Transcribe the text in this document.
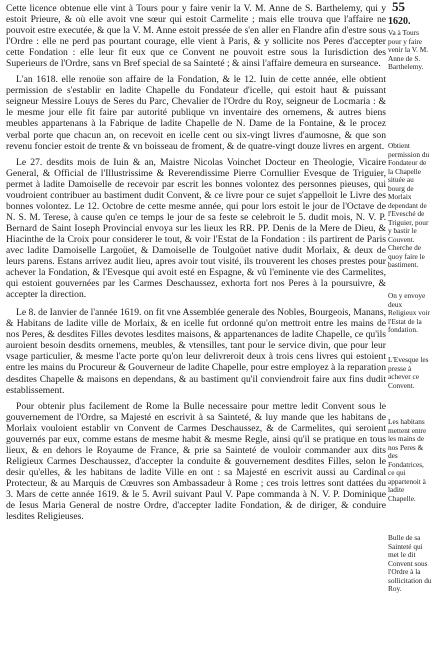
55

Cette licence obtenue elle vint à Tours pour y faire venir la V. M. Anne de S. Barthelemy, qui y estoit Prieure, & où elle avoit vne sœur qui estoit Carmelite ; mais elle trouva que l'affaire ne pouvoit estre executée, & que la V. M. Anne estoit pressée de s'en aller en Flandre afin d'estre sous l'Ordre : elle ne perd pas pourtant courage, elle vient à Paris, & y sollicite nos Peres d'accepter cette Fondation : elle leur fit eux que ce Convent ne pouvoit estre sous la Iurisdiction des Superieurs de l'Ordre, sans vn Bref special de sa Sainteté ; & ainsi l'affaire demeura en surseance.

L'an 1618. elle renoüe son affaire de la Fondation, & le 12. Iuin de cette année, elle obtient permission de s'establir en ladite Chapelle du Fondateur d'icelle, qui estoit haut & puissant seigneur Messire Louys de Seres du Parc, Chevalier de l'Ordre du Roy, seigneur de Locmaria : & le mesme jour elle fit faire par autorité publique vn inventaire des ornemens, & autres biens meubles appartenans à la Fabrique de ladite Chapelle de N. Dame de la Fontaine, & le procez verbal porte que chacun an, on recevoit en icelle cent ou six-vingt livres d'aumosne, & que son revenu foncier estoit de trente & vn boisseau de froment, & de quatre-vingt douze livres en argent.

Le 27. desdits mois de Iuin & an, Maistre Nicolas Voinchet Docteur en Theologie, Vicaire General, & Official de l'Illustrissime & Reverendissime Pierre Cornullier Evesque de Triguier, permet à ladite Damoiselle de recevoir par escrit les bonnes volontez des personnes pieuses, qui voudroient contribuer au bastiment dudit Convent, & ce livre pour ce sujet s'appelloit le Livre des bonnes volontez. Le 12. Octobre de cette mesme année, qui pour lors estoit le jour de l'Octave de N. S. M. Terese, à cause qu'en ce temps le jour de sa feste se celebroit le 5. dudit mois, N. V. P. Bernard de Saint Ioseph Provincial envoya sur les lieux les RR. PP. Denis de la Mere de Dieu, & Hiacinthe de la Croix pour considerer le tout, & voir l'Estat de la Fondation : ils partirent de Paris avec ladite Damoiselle Largoüet, & Damoiselle de Toulgoüet native dudit Morlaix, & deux de leurs parens. Estans arrivez audit lieu, apres avoir tout visité, ils trouverent les choses prestes pour achever la Fondation, & l'Evesque qui avoit esté en Espagne, & vû l'eminente vie des Carmelites, qui estoient gouvernées par les Carmes Deschaussez, exhorta fort nos Peres à la poursuivre, & accepter la direction.

Le 8. de Ianvier de l'année 1619. on fit vne Assemblée generale des Nobles, Bourgeois, Manans, & Habitans de ladite ville de Morlaix, & en icelle fut ordonné qu'on mettroit entre les mains de nos Peres, & desdites Filles devotes lesdites maisons, & appartenances de ladite Chapelle, ce qu'ils auroient besoin desdits ornemens, meubles, & vtensilles, tant pour le service divin, que pour leur vsage particulier, & mesme l'acte porte qu'on leur delivreroit deux à trois cens livres qui estoient entre les mains du Procureur & Gouverneur de ladite Chapelle, pour estre employez à la reparation desdites Chapelle & maisons en dependans, & au bastiment qu'il conviendroit faire aux fins dudit establissement.

Pour obtenir plus facilement de Rome la Bulle necessaire pour mettre ledit Convent sous le gouvernement de l'Ordre, sa Majesté en escrivit à sa Sainteté, & luy mande que les habitans de Morlaix vouloient establir vn Convent de Carmes Deschaussez, & de Carmelites, qui seroient gouvernés par eux, comme estans de mesme habit & mesme Regle, ainsi qu'il se pratique en tous lieux, & en dehors le Royaume de France, & prie sa Sainteté de vouloir commander aux dits Religieux Carmes Deschaussez, d'accepter la conduite & gouvernement desdites Filles, selon le desir qu'elles, & les habitans de ladite Ville en ont : sa Majesté en escrivit aussi au Cardinal Protecteur, & au Marquis de Cœuvres son Ambassadeur à Rome ; ces trois lettres sont dattées du 3. Mars de cette année 1619. & le 5. Avril suivant Paul V. Pape commanda à N. V. P. Dominique de Iesus Maria General de nostre Ordre, d'accepter ladite Fondation, & de diriger, & conduire lesdites Religieuses.

1620.

Va à Tours pour y faire venir la V. M. Anne de S. Barthelemy.

Obtient permission du Fondateur de la Chapelle située au bourg de Morlaix dependant de l'Evesché de Triguier, pour y bastir le Couvent. Cherche de quoy faire le bastiment.

On y envoye deux Religieux voir l'Estat de la fondation.

L'Evesque les presse à achever ce Convent.

Les habitans mettent entre les mains de nos Peres & des Fondatrices, ce qui appartenoit à ladite Chapelle.

Bulle de sa Sainteté qui met le dit Convent sous l'Ordre à la sollicitation du Roy.
